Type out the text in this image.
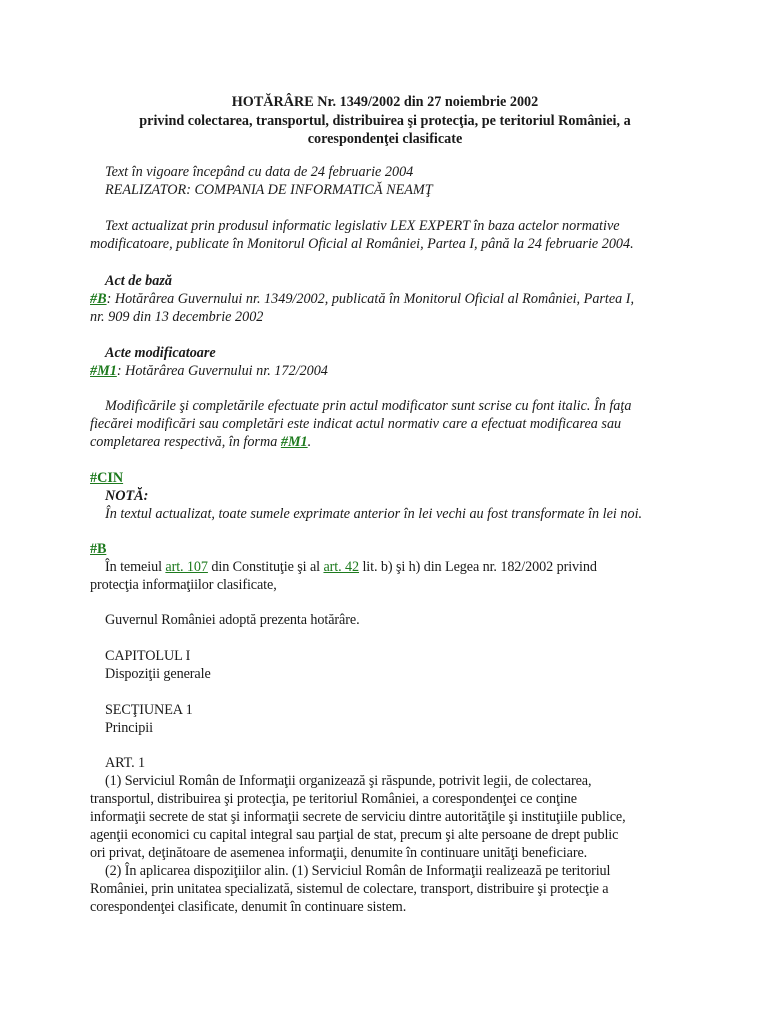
HOTĂRÂRE Nr. 1349/2002 din 27 noiembrie 2002
privind colectarea, transportul, distribuirea şi protecţia, pe teritoriul României, a
corespondenţei clasificate
Text în vigoare începând cu data de 24 februarie 2004
REALIZATOR: COMPANIA DE INFORMATICĂ NEAMŢ
Text actualizat prin produsul informatic legislativ LEX EXPERT în baza actelor normative
modificatoare, publicate în Monitorul Oficial al României, Partea I, până la 24 februarie 2004.
Act de bază
#B: Hotărârea Guvernului nr. 1349/2002, publicată în Monitorul Oficial al României, Partea I,
nr. 909 din 13 decembrie 2002
Acte modificatoare
#M1: Hotărârea Guvernului nr. 172/2004
Modificările şi completările efectuate prin actul modificator sunt scrise cu font italic. În faţa
fiecărei modificări sau completări este indicat actul normativ care a efectuat modificarea sau
completarea respectivă, în forma #M1.
#CIN
NOTĂ:
În textul actualizat, toate sumele exprimate anterior în lei vechi au fost transformate în lei noi.
#B
În temeiul art. 107 din Constituţie şi al art. 42 lit. b) şi h) din Legea nr. 182/2002 privind
protecţia informaţiilor clasificate,
Guvernul României adoptă prezenta hotărâre.
CAPITOLUL I
Dispoziţii generale
SECŢIUNEA 1
Principii
ART. 1
(1) Serviciul Român de Informaţii organizează şi răspunde, potrivit legii, de colectarea,
transportul, distribuirea şi protecţia, pe teritoriul României, a corespondenţei ce conţine
informaţii secrete de stat şi informaţii secrete de serviciu dintre autorităţile şi instituţiile publice,
agenţii economici cu capital integral sau parţial de stat, precum şi alte persoane de drept public
ori privat, deţinătoare de asemenea informaţii, denumite în continuare unităţi beneficiare.
(2) În aplicarea dispoziţiilor alin. (1) Serviciul Român de Informaţii realizează pe teritoriul
României, prin unitatea specializată, sistemul de colectare, transport, distribuire şi protecţie a
corespondenţei clasificate, denumit în continuare sistem.
